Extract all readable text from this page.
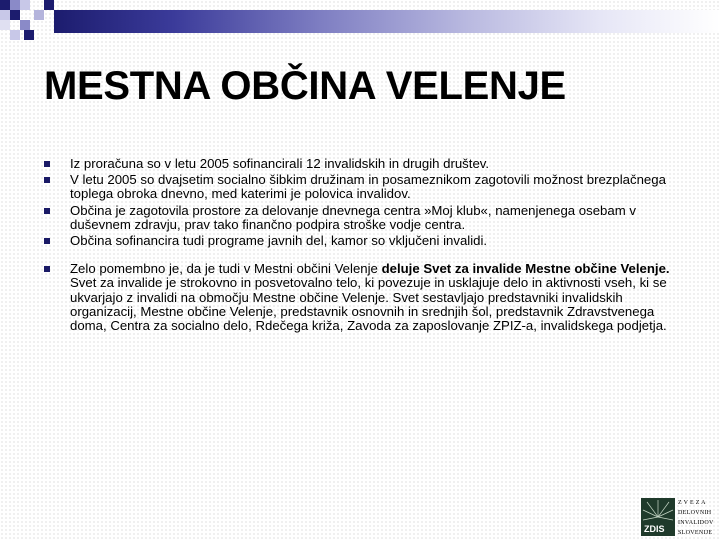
MESTNA OBČINA VELENJE
Iz proračuna so v letu 2005 sofinancirali 12 invalidskih in drugih društev.
V letu 2005 so dvajsetim socialno šibkim družinam in posameznikom zagotovili možnost brezplačnega toplega obroka dnevno, med katerimi je polovica invalidov.
Občina je zagotovila prostore za delovanje dnevnega centra »Moj klub«, namenjenega osebam v duševnem zdravju, prav tako finančno podpira stroške vodje centra.
Občina sofinancira tudi programe javnih del, kamor so vključeni invalidi.
Zelo pomembno je, da je tudi v Mestni občini Velenje deluje Svet za invalide Mestne občine Velenje. Svet za invalide je strokovno in posvetovalno telo, ki povezuje in usklajuje delo in aktivnosti vseh, ki se ukvarjajo z invalidi na območju Mestne občine Velenje. Svet sestavljajo predstavniki invalidskih organizacij, Mestne občine Velenje, predstavnik osnovnih in srednjih šol, predstavnik Zdravstvenega doma, Centra za socialno delo, Rdečega križa, Zavoda za zaposlovanje ZPIZ-a, invalidskega podjetja.
ZDIS
Z V E Z A
DELOVNIH
INVALIDOV
SLOVENIJE
